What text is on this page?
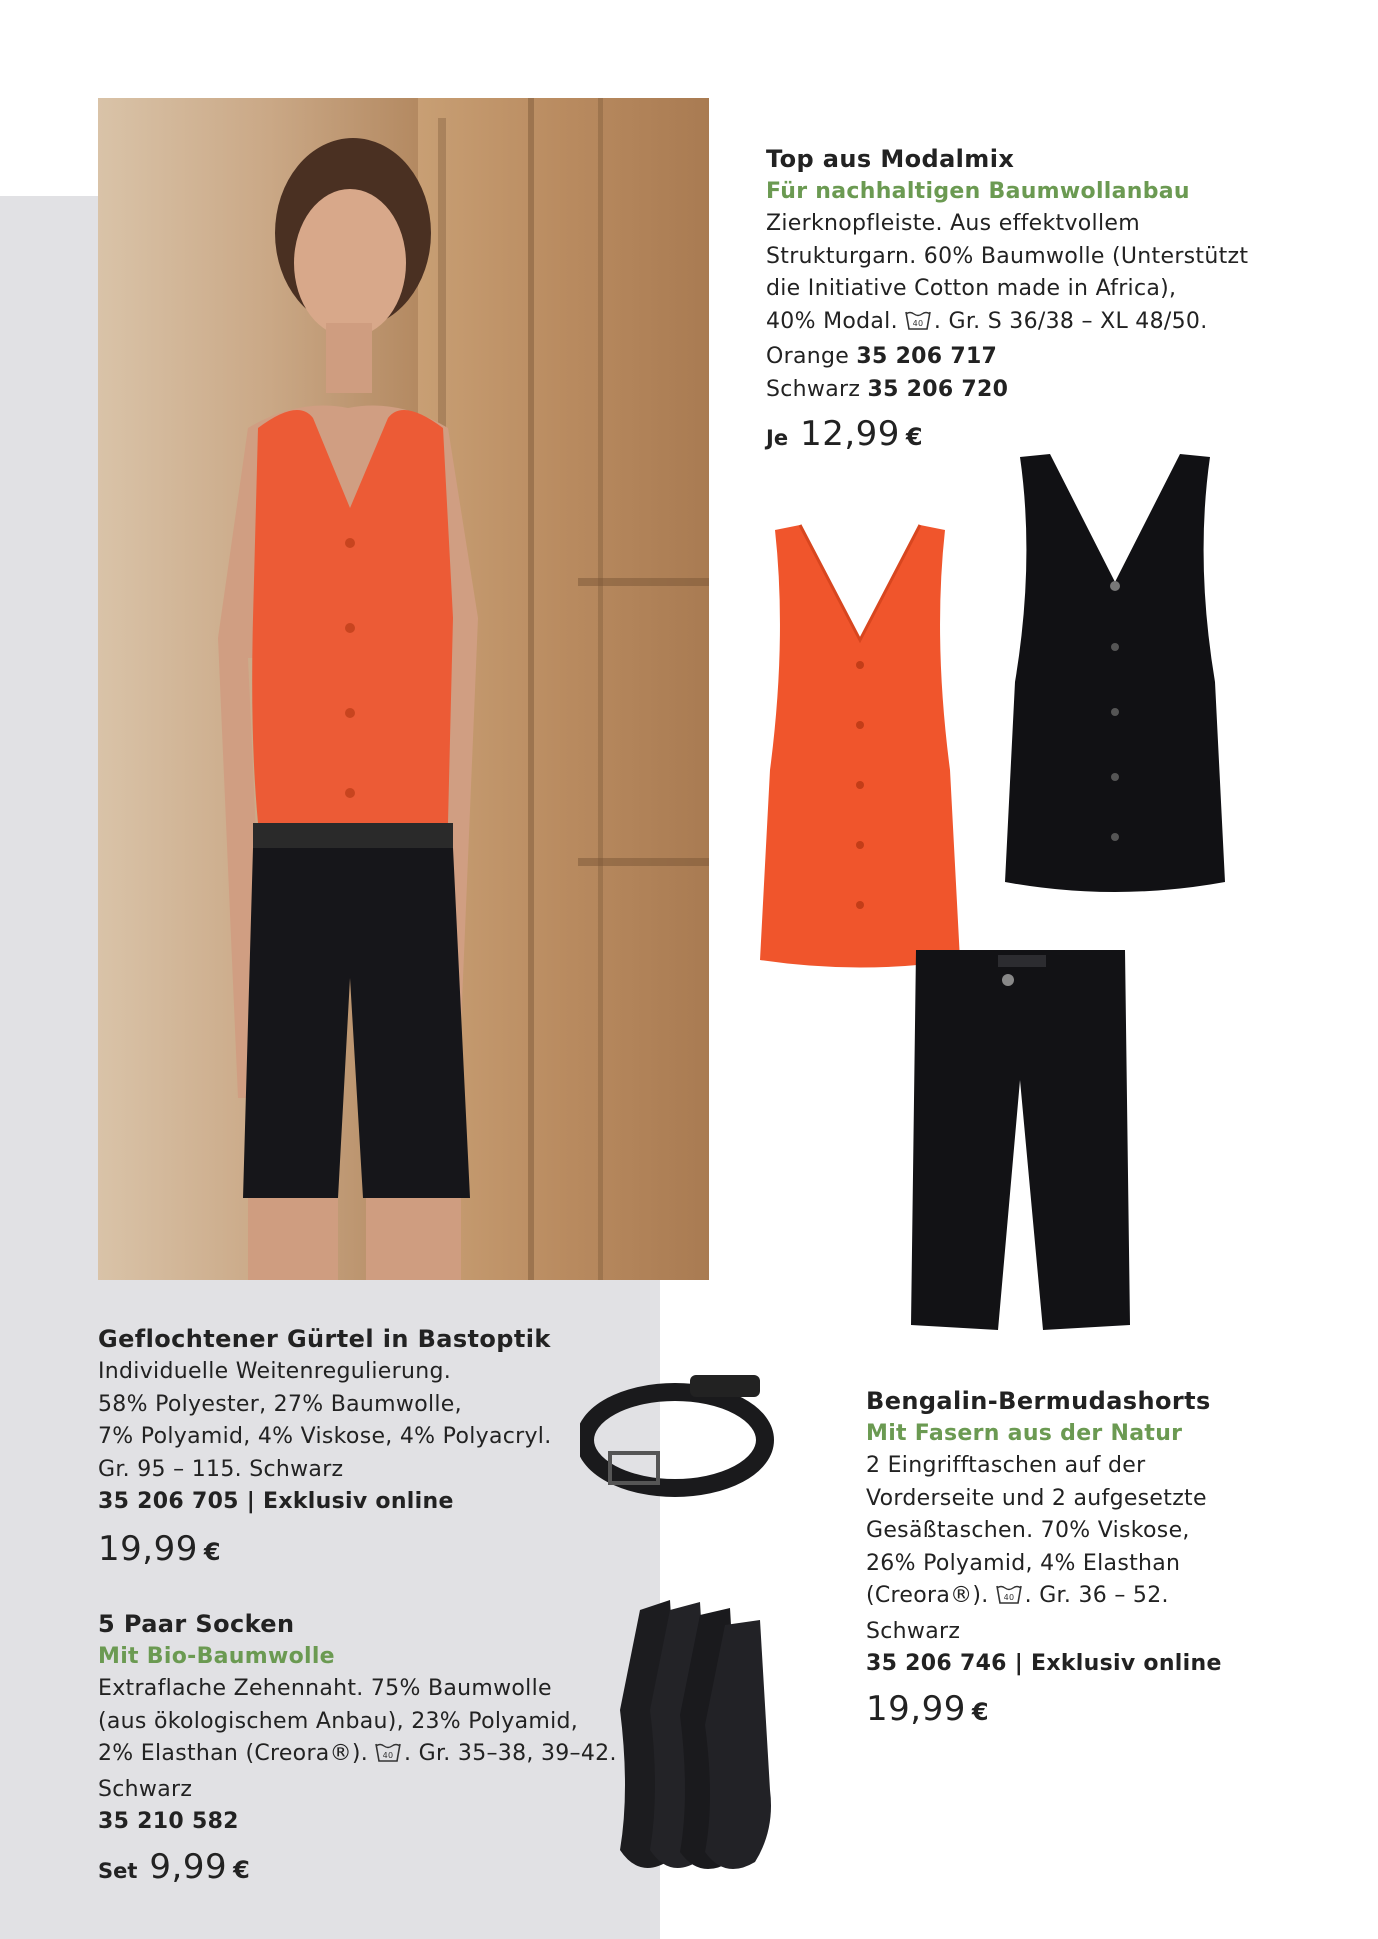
Top aus Modalmix

Für nachhaltigen Baumwollanbau

Zierknopfleiste. Aus effektvollem

Strukturgarn. 60% Baumwolle (Unterstützt

die Initiative Cotton made in Africa),

40% Modal. 40 . Gr. S 36/38 – XL 48/50.

Orange 35 206 717

Schwarz 35 206 720

Je 12,99 €

Geflochtener Gürtel in Bastoptik

Individuelle Weitenregulierung.

58% Polyester, 27% Baumwolle,

7% Polyamid, 4% Viskose, 4% Polyacryl.

Gr. 95 – 115. Schwarz

35 206 705 | Exklusiv online

19,99 €

5 Paar Socken

Mit Bio-Baumwolle

Extraflache Zehennaht. 75% Baumwolle

(aus ökologischem Anbau), 23% Polyamid,

2% Elasthan (Creora®). 40 . Gr. 35–38, 39–42.

Schwarz

35 210 582

Set 9,99 €

Bengalin-Bermudashorts

Mit Fasern aus der Natur

2 Eingrifftaschen auf der

Vorderseite und 2 aufgesetzte

Gesäßtaschen. 70% Viskose,

26% Polyamid, 4% Elasthan

(Creora®). 40 . Gr. 36 – 52.

Schwarz

35 206 746 | Exklusiv online

19,99 €
